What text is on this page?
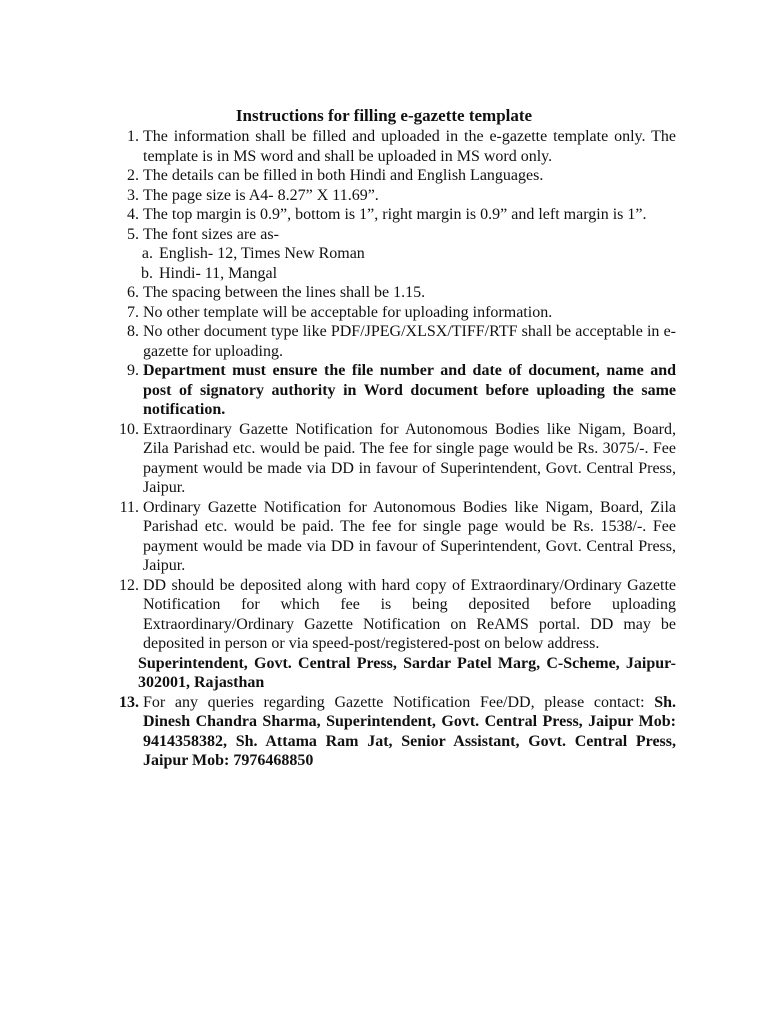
Instructions for filling e-gazette template
1. The information shall be filled and uploaded in the e-gazette template only. The template is in MS word and shall be uploaded in MS word only.
2. The details can be filled in both Hindi and English Languages.
3. The page size is A4- 8.27” X 11.69”.
4. The top margin is 0.9”, bottom is 1”, right margin is 0.9” and left margin is 1”.
5. The font sizes are as-
a. English- 12, Times New Roman
b. Hindi- 11, Mangal
6. The spacing between the lines shall be 1.15.
7. No other template will be acceptable for uploading information.
8. No other document type like PDF/JPEG/XLSX/TIFF/RTF shall be acceptable in e-gazette for uploading.
9. Department must ensure the file number and date of document, name and post of signatory authority in Word document before uploading the same notification.
10. Extraordinary Gazette Notification for Autonomous Bodies like Nigam, Board, Zila Parishad etc. would be paid. The fee for single page would be Rs. 3075/-. Fee payment would be made via DD in favour of Superintendent, Govt. Central Press, Jaipur.
11. Ordinary Gazette Notification for Autonomous Bodies like Nigam, Board, Zila Parishad etc. would be paid. The fee for single page would be Rs. 1538/-. Fee payment would be made via DD in favour of Superintendent, Govt. Central Press, Jaipur.
12. DD should be deposited along with hard copy of Extraordinary/Ordinary Gazette Notification for which fee is being deposited before uploading Extraordinary/Ordinary Gazette Notification on ReAMS portal. DD may be deposited in person or via speed-post/registered-post on below address.
Superintendent, Govt. Central Press, Sardar Patel Marg, C-Scheme, Jaipur-302001, Rajasthan
13. For any queries regarding Gazette Notification Fee/DD, please contact: Sh. Dinesh Chandra Sharma, Superintendent, Govt. Central Press, Jaipur Mob: 9414358382, Sh. Attama Ram Jat, Senior Assistant, Govt. Central Press, Jaipur Mob: 7976468850
